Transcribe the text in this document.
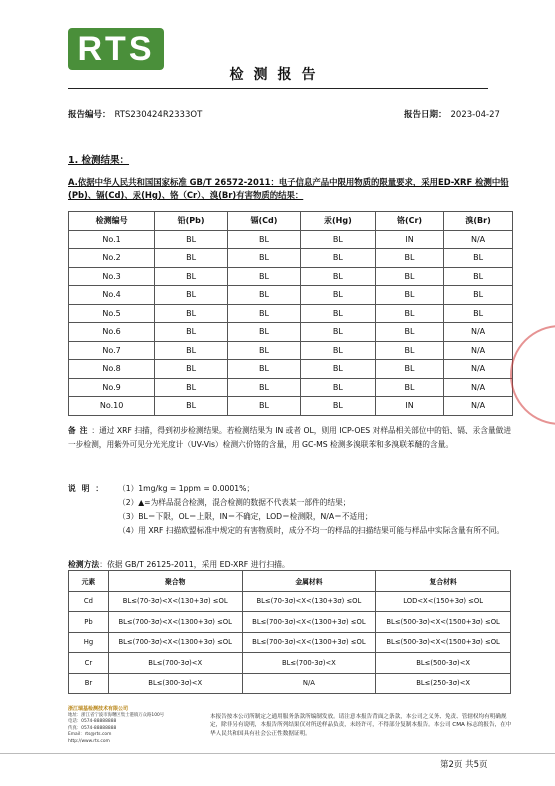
RTS
检测报告
报告编号： RTS230424R2333OT	报告日期： 2023-04-27
1. 检测结果：
A.依据中华人民共和国国家标准 GB/T 26572-2011：电子信息产品中限用物质的限量要求，采用ED-XRF 检测中铅(Pb)、镉(Cd)、汞(Hg)、铬（Cr）、溴(Br)有害物质的结果：
检测编号	铅(Pb)	镉(Cd)	汞(Hg)	铬(Cr)	溴(Br)
No.1	BL	BL	BL	IN	N/A
No.2	BL	BL	BL	BL	BL
No.3	BL	BL	BL	BL	BL
No.4	BL	BL	BL	BL	BL
No.5	BL	BL	BL	BL	BL
No.6	BL	BL	BL	BL	N/A
No.7	BL	BL	BL	BL	N/A
No.8	BL	BL	BL	BL	N/A
No.9	BL	BL	BL	BL	N/A
No.10	BL	BL	BL	IN	N/A
备注：通过 XRF 扫描，得到初步检测结果。若检测结果为 IN 或者 OL，则用 ICP-OES 对样品相关部位中的铅、镉、汞含量做进一步检测，用紫外可见分光光度计（UV-Vis）检测六价铬的含量，用 GC-MS 检测多溴联苯和多溴联苯醚的含量。
说明： （1）1mg/kg = 1ppm = 0.0001%；
（2）▲=为样品混合检测，混合检测的数据不代表某一部件的结果；
（3）BL＝下限，OL＝上限，IN＝不确定，LOD＝检测限，N/A＝不适用；
（4）用 XRF 扫描欧盟标准中规定的有害物质时，成分不均一的样品的扫描结果可能与样品中实际含量有所不同。
检测方法：依据 GB/T 26125-2011，采用 ED-XRF 进行扫描。
元素	聚合物	金属材料	复合材料
Cd	BL≤(70-3σ)<X<(130+3σ) ≤OL	BL≤(70-3σ)<X<(130+3σ) ≤OL	LOD<X<(150+3σ) ≤OL
Pb	BL≤(700-3σ)<X<(1300+3σ) ≤OL	BL≤(700-3σ)<X<(1300+3σ) ≤OL	BL≤(500-3σ)<X<(1500+3σ) ≤OL
Hg	BL≤(700-3σ)<X<(1300+3σ) ≤OL	BL≤(700-3σ)<X<(1300+3σ) ≤OL	BL≤(500-3σ)<X<(1500+3σ) ≤OL
Cr	BL≤(700-3σ)<X	BL≤(700-3σ)<X	BL≤(500-3σ)<X
Br	BL≤(300-3σ)<X	N/A	BL≤(250-3σ)<X
浙江瑞基检测技术有限公司
地址：浙江省宁波市海曙区集士港镇万众路100号
电话：0574-88888888
传真：0574-88888888
Email：rts@rts.com
http://www.rts.com
本报告按本公司所制定之通用服务条款所编制发放。请注意本报告背面之条款，本公司之义务、免责、管辖权均有明确规定，除非另有说明，本报告所列结果仅对所送样品负责，未经许可，不得部分复制本报告。本公司 CMA 标志的报告，在中华人民共和国具有社会公正性数据证明。
第2页 共5页
